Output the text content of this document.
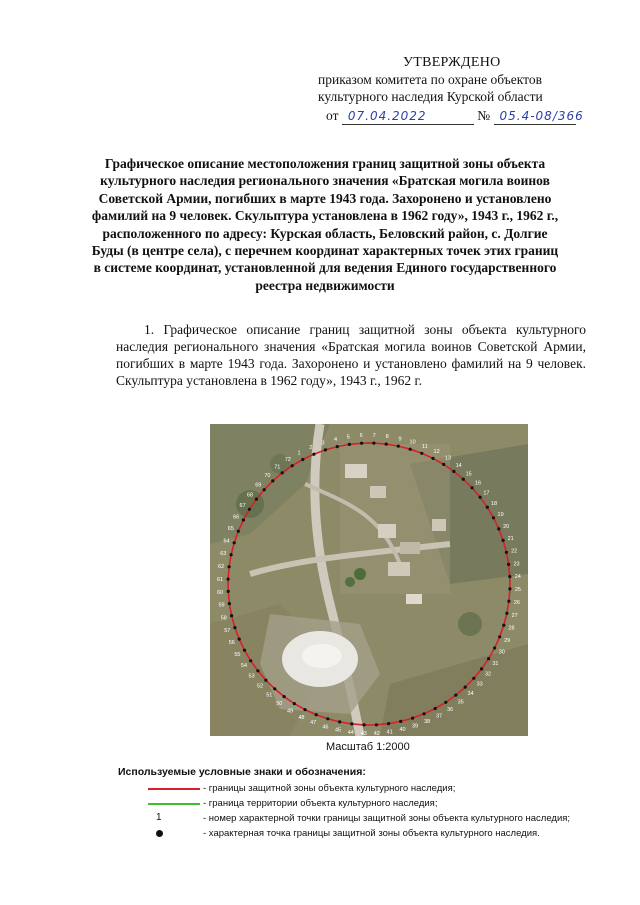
УТВЕРЖДЕНО
приказом комитета по охране объектов
культурного наследия Курской области
от 07.04.2022	№ 05.4-08/366
Графическое описание местоположения границ защитной зоны объекта культурного наследия регионального значения «Братская могила воинов Советской Армии, погибших в марте 1943 года. Захоронено и установлено фамилий на 9 человек. Скульптура установлена в 1962 году», 1943 г., 1962 г., расположенного по адресу: Курская область, Беловский район, с. Долгие Буды (в центре села), с перечнем координат характерных точек этих границ в системе координат, установленной для ведения Единого государственного реестра недвижимости
1. Графическое описание границ защитной зоны объекта культурного наследия регионального значения «Братская могила воинов Советской Армии, погибших в марте 1943 года. Захоронено и установлено фамилий на 9 человек. Скульптура установлена в 1962 году», 1943 г., 1962 г.
1
2
3
4 5 6 7 8 9
10
11
12
13
14
15
16
17
18
19
20
21
22
23
24
25
26
27
28
29
30
31
32
33
34
35
36
37
38
39
40
41
42
43
44
45
46
47
48
49
50
51
52
53
54
55
56
57
58
59
60
61
62
63
64
65
66
67
68
69
70
71
72
Масштаб 1:2000
Используемые условные знаки и обозначения:
- границы защитной зоны объекта культурного наследия;
- граница территории объекта культурного наследия;
1	- номер характерной точки границы защитной зоны объекта культурного наследия;
- характерная точка границы защитной зоны объекта культурного наследия.
